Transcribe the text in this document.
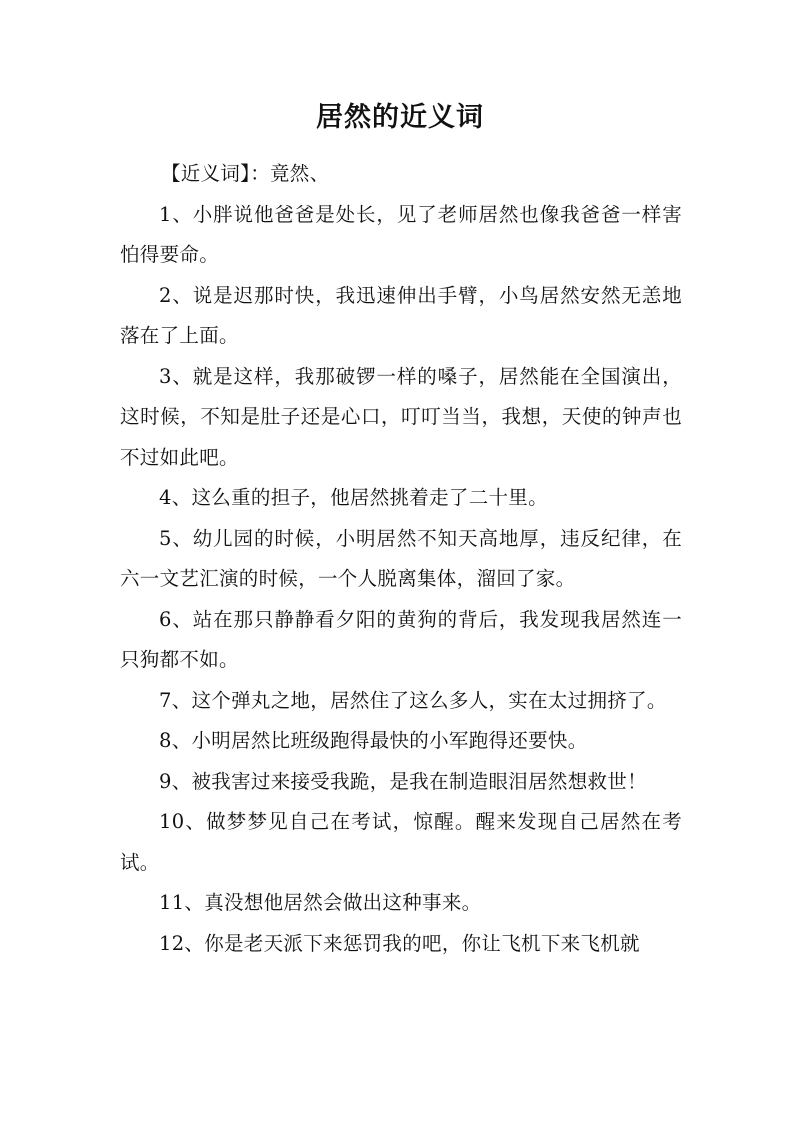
居然的近义词

【近义词】：竟然、

1、小胖说他爸爸是处长，见了老师居然也像我爸爸一样害怕得要命。

2、说是迟那时快，我迅速伸出手臂，小鸟居然安然无恙地落在了上面。

3、就是这样，我那破锣一样的嗓子，居然能在全国演出，这时候，不知是肚子还是心口，叮叮当当，我想，天使的钟声也不过如此吧。

4、这么重的担子，他居然挑着走了二十里。

5、幼儿园的时候，小明居然不知天高地厚，违反纪律，在六一文艺汇演的时候，一个人脱离集体，溜回了家。

6、站在那只静静看夕阳的黄狗的背后，我发现我居然连一只狗都不如。

7、这个弹丸之地，居然住了这么多人，实在太过拥挤了。

8、小明居然比班级跑得最快的小军跑得还要快。

9、被我害过来接受我跪，是我在制造眼泪居然想救世！

10、做梦梦见自己在考试，惊醒。醒来发现自己居然在考试。

11、真没想他居然会做出这种事来。

12、你是老天派下来惩罚我的吧，你让飞机下来飞机就
